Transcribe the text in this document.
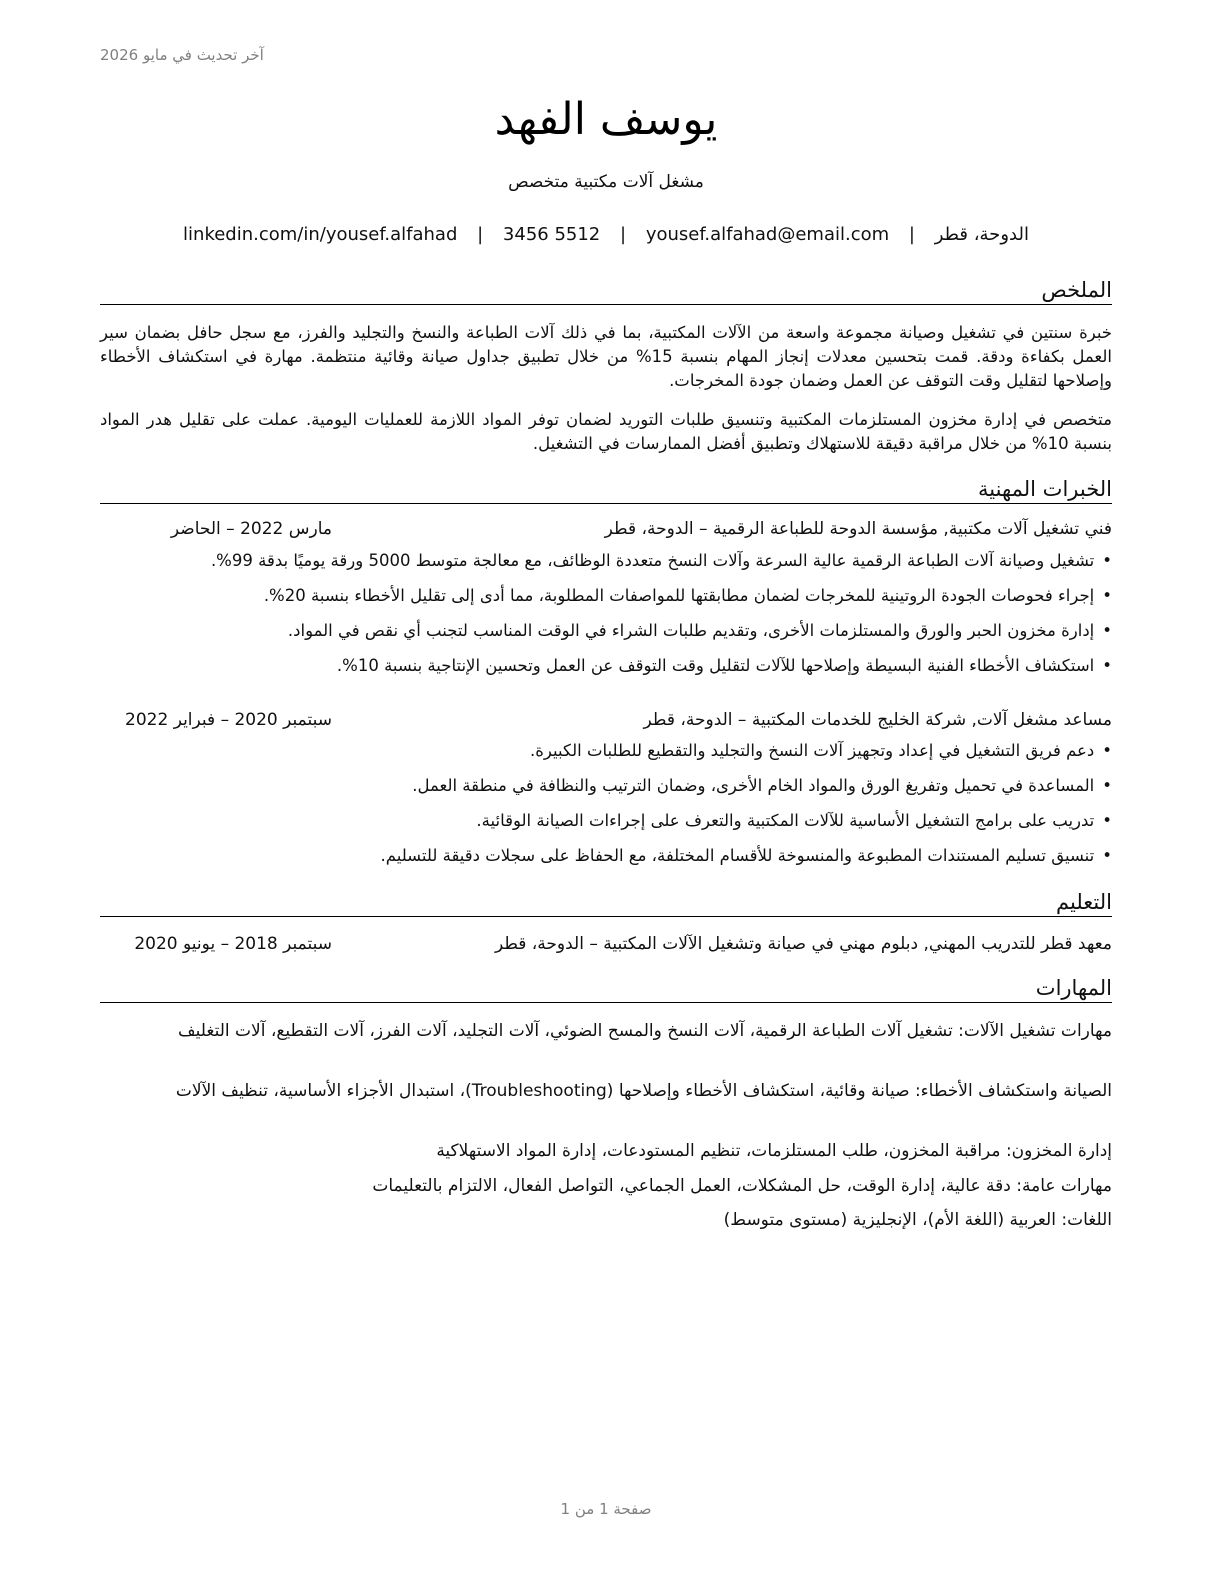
آخر تحديث في مايو 2026
يوسف الفهد
مشغل آلات مكتبية متخصص
الدوحة، قطر | yousef.alfahad@email.com | 3456 5512 | linkedin.com/in/yousef.alfahad
الملخص
خبرة سنتين في تشغيل وصيانة مجموعة واسعة من الآلات المكتبية، بما في ذلك آلات الطباعة والنسخ والتجليد والفرز، مع سجل حافل بضمان سير العمل بكفاءة ودقة. قمت بتحسين معدلات إنجاز المهام بنسبة 15% من خلال تطبيق جداول صيانة وقائية منتظمة. مهارة في استكشاف الأخطاء وإصلاحها لتقليل وقت التوقف عن العمل وضمان جودة المخرجات.
متخصص في إدارة مخزون المستلزمات المكتبية وتنسيق طلبات التوريد لضمان توفر المواد اللازمة للعمليات اليومية. عملت على تقليل هدر المواد بنسبة 10% من خلال مراقبة دقيقة للاستهلاك وتطبيق أفضل الممارسات في التشغيل.
الخبرات المهنية
فني تشغيل آلات مكتبية, مؤسسة الدوحة للطباعة الرقمية – الدوحة، قطر
مارس 2022 – الحاضر
• تشغيل وصيانة آلات الطباعة الرقمية عالية السرعة وآلات النسخ متعددة الوظائف، مع معالجة متوسط 5000 ورقة يوميًا بدقة 99%.
• إجراء فحوصات الجودة الروتينية للمخرجات لضمان مطابقتها للمواصفات المطلوبة، مما أدى إلى تقليل الأخطاء بنسبة 20%.
• إدارة مخزون الحبر والورق والمستلزمات الأخرى، وتقديم طلبات الشراء في الوقت المناسب لتجنب أي نقص في المواد.
• استكشاف الأخطاء الفنية البسيطة وإصلاحها للآلات لتقليل وقت التوقف عن العمل وتحسين الإنتاجية بنسبة 10%.
مساعد مشغل آلات, شركة الخليج للخدمات المكتبية – الدوحة، قطر
سبتمبر 2020 – فبراير 2022
• دعم فريق التشغيل في إعداد وتجهيز آلات النسخ والتجليد والتقطيع للطلبات الكبيرة.
• المساعدة في تحميل وتفريغ الورق والمواد الخام الأخرى، وضمان الترتيب والنظافة في منطقة العمل.
• تدريب على برامج التشغيل الأساسية للآلات المكتبية والتعرف على إجراءات الصيانة الوقائية.
• تنسيق تسليم المستندات المطبوعة والمنسوخة للأقسام المختلفة، مع الحفاظ على سجلات دقيقة للتسليم.
التعليم
معهد قطر للتدريب المهني, دبلوم مهني في صيانة وتشغيل الآلات المكتبية – الدوحة، قطر
سبتمبر 2018 – يونيو 2020
المهارات
مهارات تشغيل الآلات: تشغيل آلات الطباعة الرقمية، آلات النسخ والمسح الضوئي، آلات التجليد، آلات الفرز، آلات التقطيع، آلات التغليف
الصيانة واستكشاف الأخطاء: صيانة وقائية، استكشاف الأخطاء وإصلاحها (Troubleshooting)، استبدال الأجزاء الأساسية، تنظيف الآلات
إدارة المخزون: مراقبة المخزون، طلب المستلزمات، تنظيم المستودعات، إدارة المواد الاستهلاكية
مهارات عامة: دقة عالية، إدارة الوقت، حل المشكلات، العمل الجماعي، التواصل الفعال، الالتزام بالتعليمات
اللغات: العربية (اللغة الأم)، الإنجليزية (مستوى متوسط)
صفحة 1 من 1
